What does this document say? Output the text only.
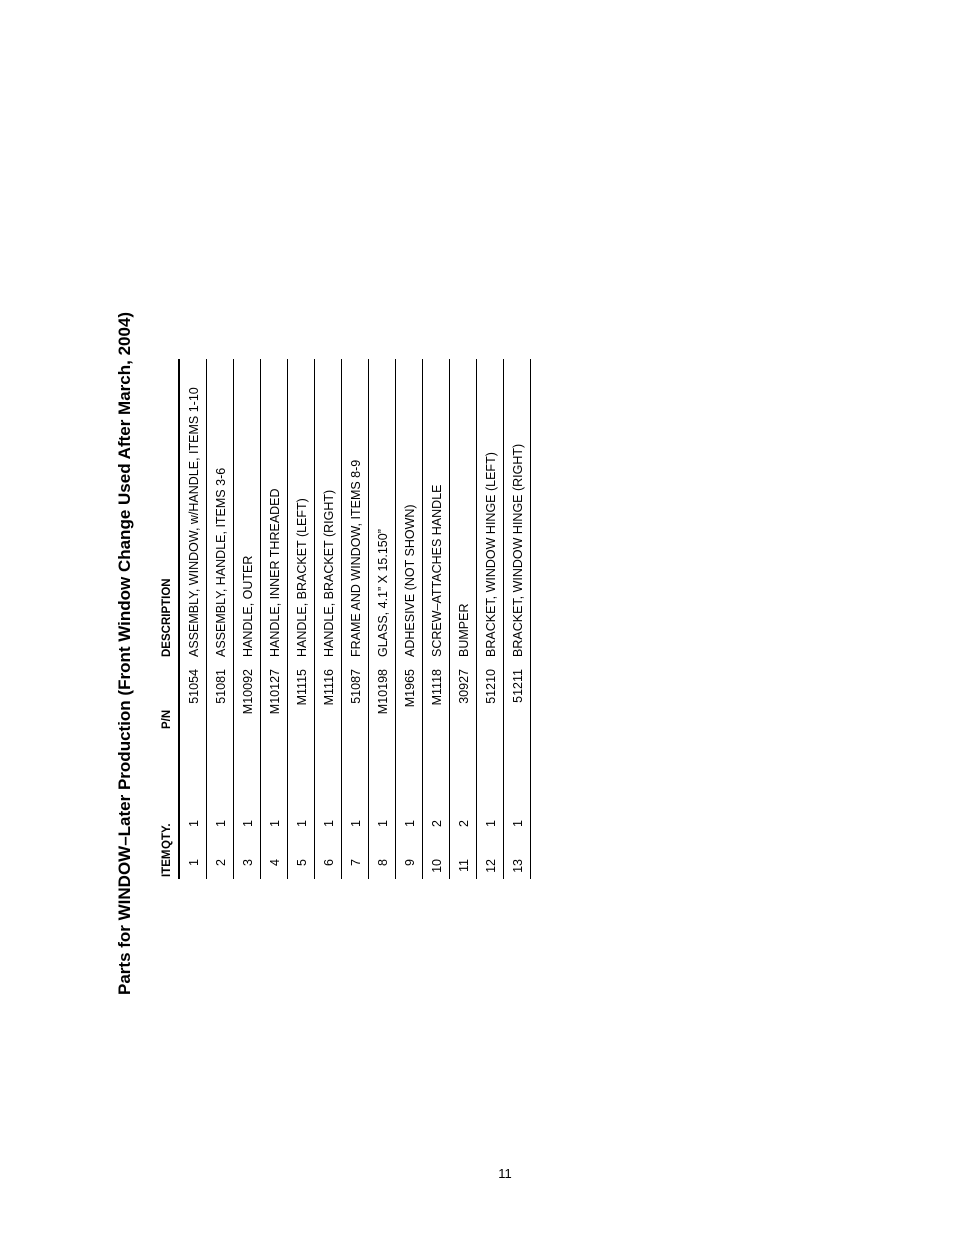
Parts for WINDOW–Later Production (Front Window Change Used After March, 2004)	ITEM
QTY.
P/N
DESCRIPTION
1
1
51054
ASSEMBLY, WINDOW, w/HANDLE, ITEMS 1-10
2
1
51081
ASSEMBLY, HANDLE, ITEMS 3-6
3
1
M10092
HANDLE, OUTER
4
1
M10127
HANDLE, INNER THREADED
5
1
M1115
HANDLE, BRACKET (LEFT)
6
1
M1116
HANDLE, BRACKET (RIGHT)
7
1
51087
FRAME AND WINDOW, ITEMS 8-9
8
1
M10198
GLASS, 4.1” X 15.150”
9
1
M1965
ADHESIVE (NOT SHOWN)
10
2
M1118
SCREW–ATTACHES HANDLE
11
2
30927
BUMPER
12
1
51210
BRACKET, WINDOW HINGE (LEFT)
13
1
51211
BRACKET, WINDOW HINGE (RIGHT)
11
